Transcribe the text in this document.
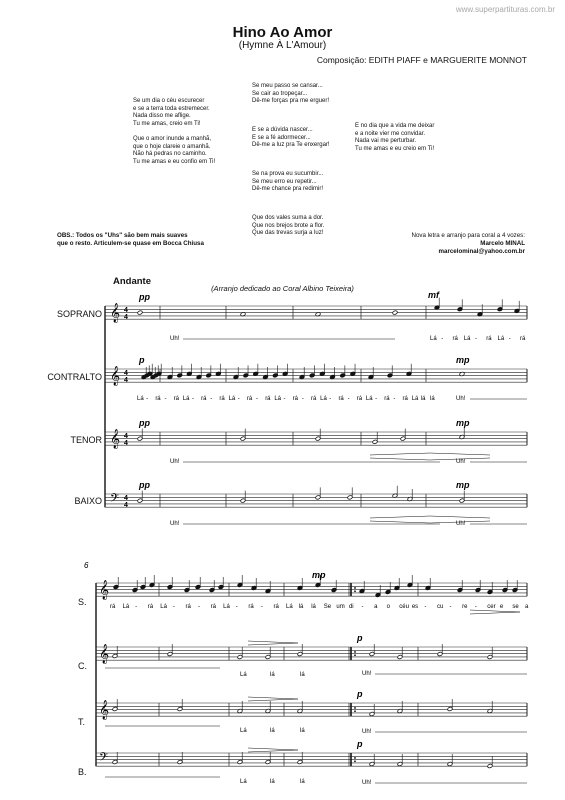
www.superpartituras.com.br
Hino Ao Amor
(Hymne À L'Amour)
Composição: EDITH PIAFF e MARGUERITE MONNOT
Se um dia o céu escurecer
e se a terra toda estremecer.
Nada disso me aflige.
Tu me amas, creio em Ti!

Que o amor inunde a manhã,
que o hoje clareie o amanhã.
Não há pedras no caminho.
Tu me amas e eu confio em Ti!
Se meu passo se cansar...
Se cair ao tropeçar...
Dê-me forças pra me erguer!
E se a dúvida nascer...
E se a fé adormecer...
Dê-me a luz pra Te enxergar!
Se na prova eu sucumbir...
Se meu erro eu repetir...
Dê-me chance pra redimir!
Que dos vales suma a dor.
Que nos brejos brote a flor.
Que das trevas surja a luz!
E no dia que a vida me deixar
e a noite vier me convidar.
Nada vai me perturbar.
Tu me amas e eu creio em Ti!
OBS.: Todos os "Uhs" são bem mais suaves
que o resto. Articulem-se quase em Bocca Chiusa
Nova letra e arranjo para coral a 4 vozes:
Marcelo MINAL
marcelominal@yahoo.com.br
Andante
(Arranjo dedicado ao Coral Albino Teixeira)
SOPRANO
CONTRALTO
TENOR
BAIXO
S.
C.
T.
B.
6
𝄞 4
4
𝄞 4
4
𝄞 4
4
𝄢 4
4
pp
p
pp
pp
mf
mp
mp
mp
Uh!	Lá - rá Lá - rá Lá - rá
Lá - rá - rá Lá - rá - rá Lá - rá - rá Lá - rá - rá Lá - rá - rá Lá - rá - rá Lá lá lá	Uh!
Uh!	Uh!
Uh!	Uh!
𝄞
𝄞
𝄞
𝄢
mp
p
p
p
rá Lá - rá Lá - rá - rá Lá - rá - rá Lá lá lá Se um di - a o céu es - cu - re - cer e se a
Lá	lá	lá	Uh!
Lá	lá	lá	Uh!
Lá	lá	lá	Uh!
